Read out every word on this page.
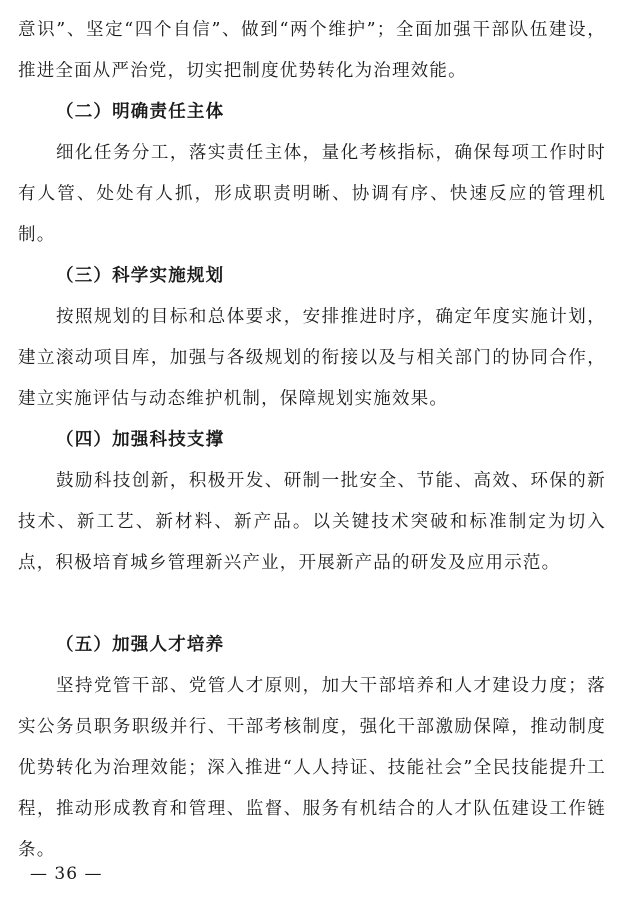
意识”、坚定“四个自信”、做到“两个维护”；全面加强干部队伍建设，推进全面从严治党，切实把制度优势转化为治理效能。

（二）明确责任主体

细化任务分工，落实责任主体，量化考核指标，确保每项工作时时有人管、处处有人抓，形成职责明晰、协调有序、快速反应的管理机制。

（三）科学实施规划

按照规划的目标和总体要求，安排推进时序，确定年度实施计划，建立滚动项目库，加强与各级规划的衔接以及与相关部门的协同合作，建立实施评估与动态维护机制，保障规划实施效果。

（四）加强科技支撑

鼓励科技创新，积极开发、研制一批安全、节能、高效、环保的新技术、新工艺、新材料、新产品。以关键技术突破和标准制定为切入点，积极培育城乡管理新兴产业，开展新产品的研发及应用示范。

（五）加强人才培养

坚持党管干部、党管人才原则，加大干部培养和人才建设力度；落实公务员职务职级并行、干部考核制度，强化干部激励保障，推动制度优势转化为治理效能；深入推进“人人持证、技能社会”全民技能提升工程，推动形成教育和管理、监督、服务有机结合的人才队伍建设工作链条。

— 36 —
